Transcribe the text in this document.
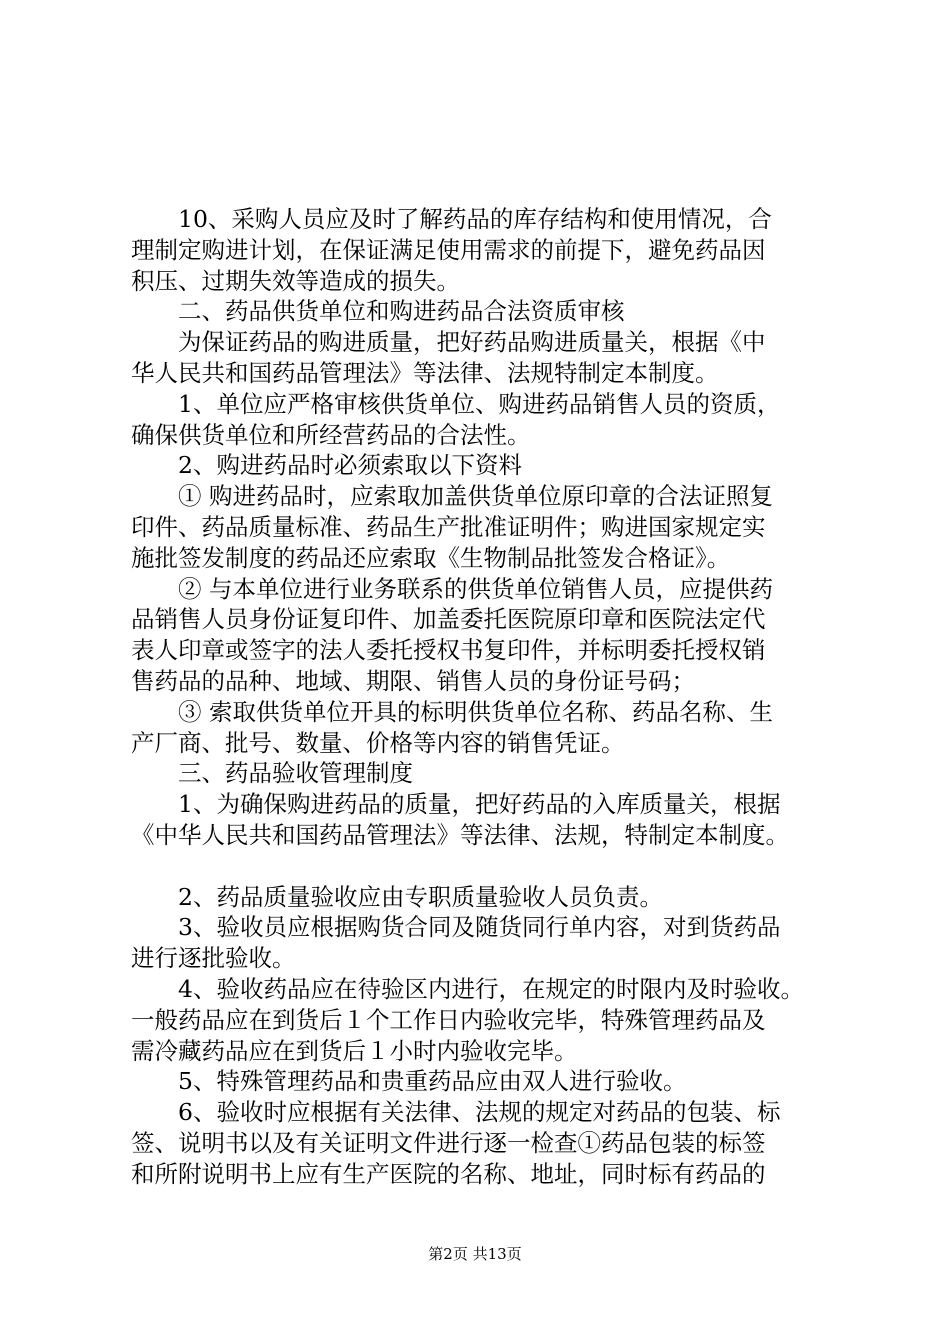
10、采购人员应及时了解药品的库存结构和使用情况，合
理制定购进计划，在保证满足使用需求的前提下，避免药品因
积压、过期失效等造成的损失。
二、药品供货单位和购进药品合法资质审核
为保证药品的购进质量，把好药品购进质量关，根据《中
华人民共和国药品管理法》等法律、法规特制定本制度。
1、单位应严格审核供货单位、购进药品销售人员的资质，
确保供货单位和所经营药品的合法性。
2、购进药品时必须索取以下资料
① 购进药品时，应索取加盖供货单位原印章的合法证照复
印件、药品质量标准、药品生产批准证明件；购进国家规定实
施批签发制度的药品还应索取《生物制品批签发合格证》。
② 与本单位进行业务联系的供货单位销售人员，应提供药
品销售人员身份证复印件、加盖委托医院原印章和医院法定代
表人印章或签字的法人委托授权书复印件，并标明委托授权销
售药品的品种、地域、期限、销售人员的身份证号码；
③ 索取供货单位开具的标明供货单位名称、药品名称、生
产厂商、批号、数量、价格等内容的销售凭证。
三、药品验收管理制度
1、为确保购进药品的质量，把好药品的入库质量关，根据
《中华人民共和国药品管理法》等法律、法规，特制定本制度。
2、药品质量验收应由专职质量验收人员负责。
3、验收员应根据购货合同及随货同行单内容，对到货药品
进行逐批验收。
4、验收药品应在待验区内进行，在规定的时限内及时验收。
一般药品应在到货后１个工作日内验收完毕，特殊管理药品及
需冷藏药品应在到货后１小时内验收完毕。
5、特殊管理药品和贵重药品应由双人进行验收。
6、验收时应根据有关法律、法规的规定对药品的包装、标
签、说明书以及有关证明文件进行逐一检查①药品包装的标签
和所附说明书上应有生产医院的名称、地址，同时标有药品的
第2页 共13页
